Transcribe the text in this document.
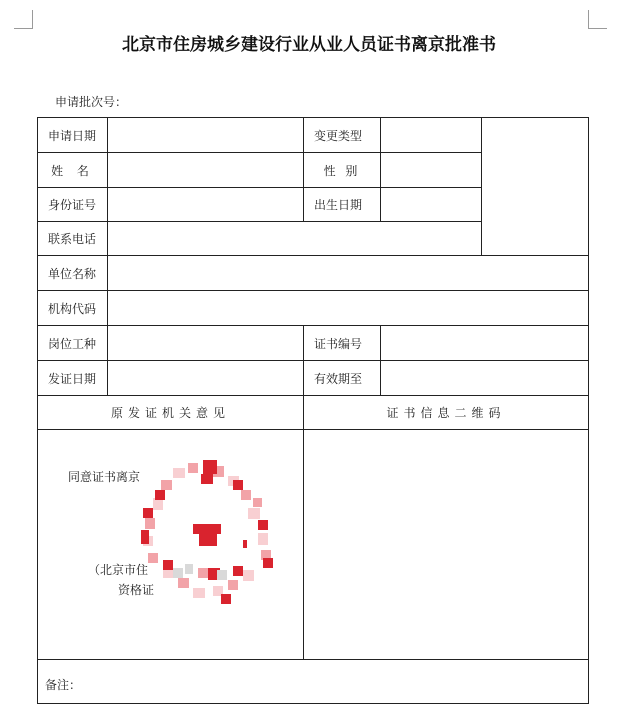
北京市住房城乡建设行业从业人员证书离京批准书
申请批次号：
申请日期	变更类型
姓 名	性 别
身份证号	出生日期
联系电话
单位名称
机构代码
岗位工种	证书编号
发证日期	有效期至
原发证机关意见	证书信息二维码
同意证书离京
（北京市住
资格证
备注：
